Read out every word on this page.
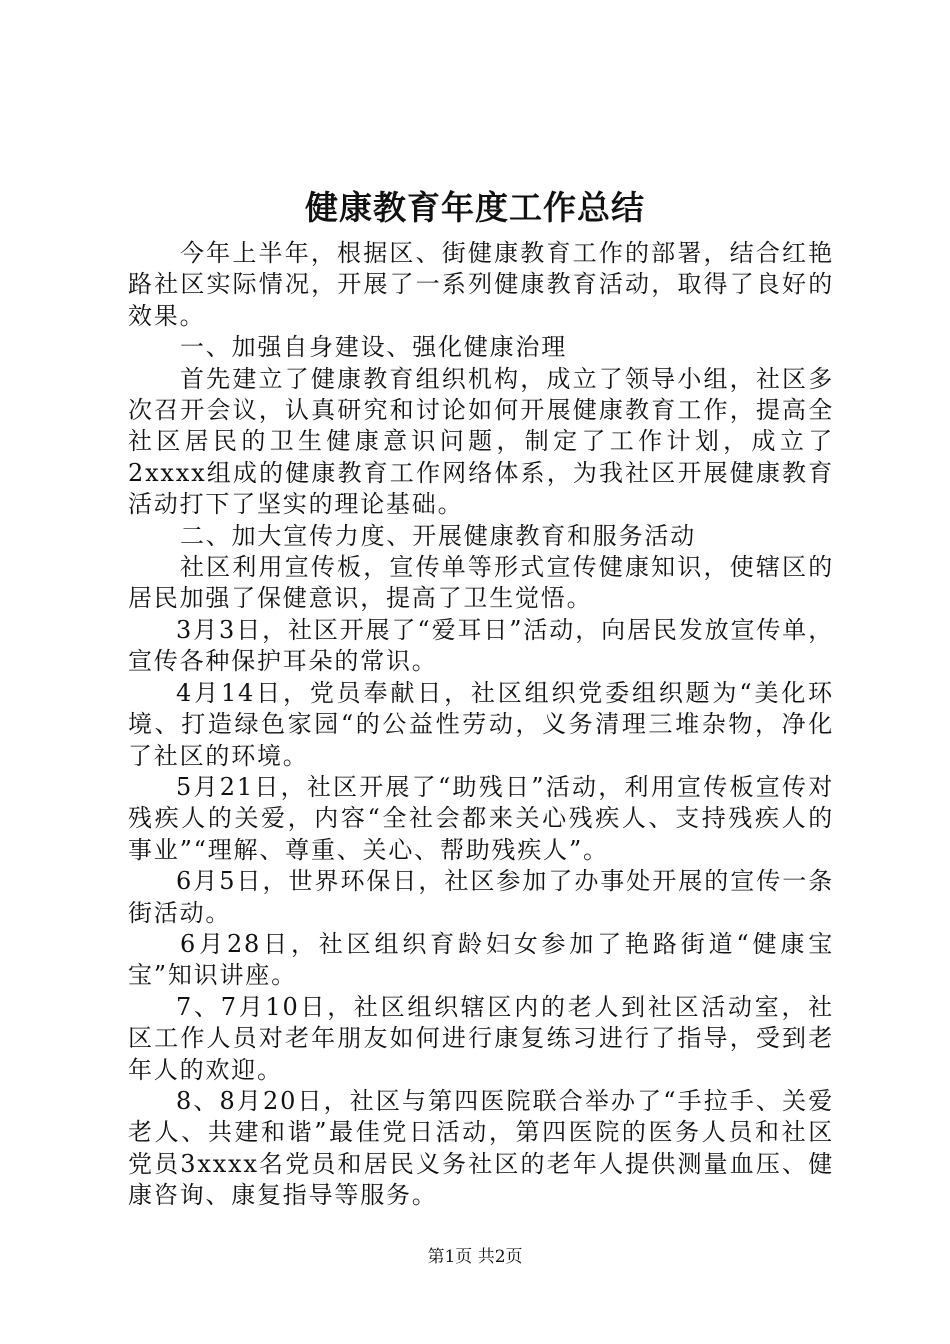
健康教育年度工作总结

今年上半年，根据区、街健康教育工作的部署，结合红艳路社区实际情况，开展了一系列健康教育活动，取得了良好的效果。

一、加强自身建设、强化健康治理

首先建立了健康教育组织机构，成立了领导小组，社区多次召开会议，认真研究和讨论如何开展健康教育工作，提高全社区居民的卫生健康意识问题，制定了工作计划，成立了2xxxx组成的健康教育工作网络体系，为我社区开展健康教育活动打下了坚实的理论基础。

二、加大宣传力度、开展健康教育和服务活动

社区利用宣传板，宣传单等形式宣传健康知识，使辖区的居民加强了保健意识，提高了卫生觉悟。

3月3日，社区开展了“爱耳日”活动，向居民发放宣传单，宣传各种保护耳朵的常识。

4月14日，党员奉献日，社区组织党委组织题为“美化环境、打造绿色家园“的公益性劳动，义务清理三堆杂物，净化了社区的环境。

5月21日，社区开展了“助残日”活动，利用宣传板宣传对残疾人的关爱，内容“全社会都来关心残疾人、支持残疾人的事业”“理解、尊重、关心、帮助残疾人”。

6月5日，世界环保日，社区参加了办事处开展的宣传一条街活动。

6月28日，社区组织育龄妇女参加了艳路街道“健康宝宝”知识讲座。

7、7月10日，社区组织辖区内的老人到社区活动室，社区工作人员对老年朋友如何进行康复练习进行了指导，受到老年人的欢迎。

8、8月20日，社区与第四医院联合举办了“手拉手、关爱老人、共建和谐”最佳党日活动，第四医院的医务人员和社区党员3xxxx名党员和居民义务社区的老年人提供测量血压、健康咨询、康复指导等服务。

第1页 共2页
